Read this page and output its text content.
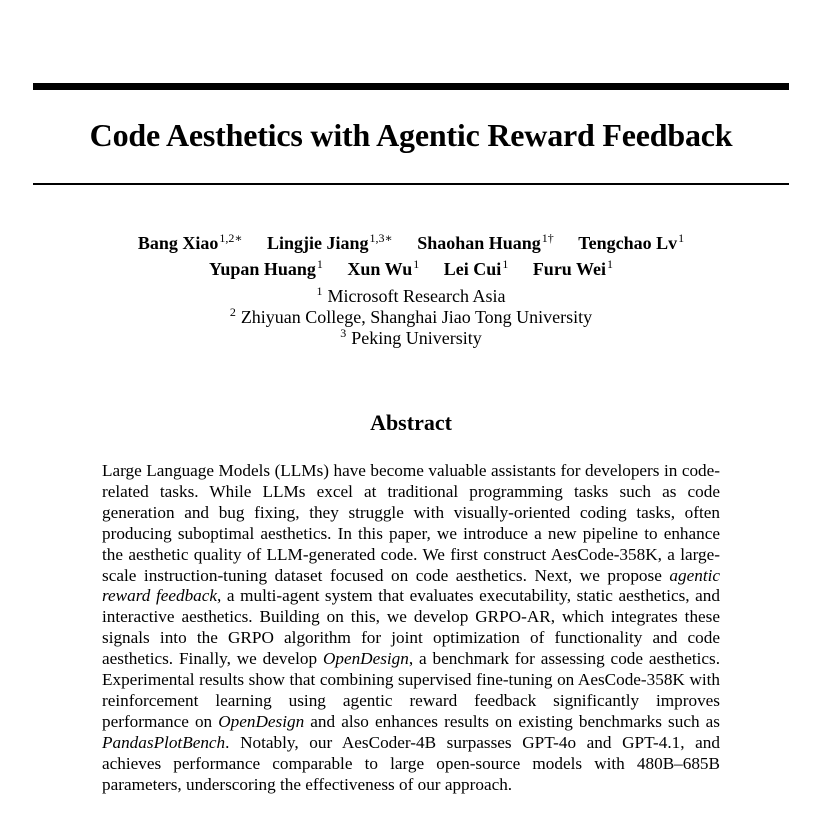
Code Aesthetics with Agentic Reward Feedback
Bang Xiao$^{1,2∗}$ Lingjie Jiang$^{1,3∗}$ Shaohan Huang$^{1\dagger}$ Tengchao Lv$^1$
Yupan Huang$^1$ Xun Wu$^1$ Lei Cui$^1$ Furu Wei$^1$
$^1$ Microsoft Research Asia
$^2$ Zhiyuan College, Shanghai Jiao Tong University
$^3$ Peking University
Abstract

Large Language Models (LLMs) have become valuable assistants for developers in code-related tasks. While LLMs excel at traditional programming tasks such as code generation and bug fixing, they struggle with visually-oriented coding tasks, often producing suboptimal aesthetics. In this paper, we introduce a new pipeline to enhance the aesthetic quality of LLM-generated code. We first construct AesCode-358K, a large-scale instruction-tuning dataset focused on code aesthetics. Next, we propose agentic reward feedback, a multi-agent system that evaluates executability, static aesthetics, and interactive aesthetics. Building on this, we develop GRPO-AR, which integrates these signals into the GRPO algorithm for joint optimization of functionality and code aesthetics. Finally, we develop OpenDesign, a benchmark for assessing code aesthetics. Experimental results show that combining supervised fine-tuning on AesCode-358K with reinforcement learning using agentic reward feedback significantly improves performance on OpenDesign and also enhances results on existing benchmarks such as PandasPlotBench. Notably, our AesCoder-4B surpasses GPT-4o and GPT-4.1, and achieves performance comparable to large open-source models with 480B–685B parameters, underscoring the effectiveness of our approach.
